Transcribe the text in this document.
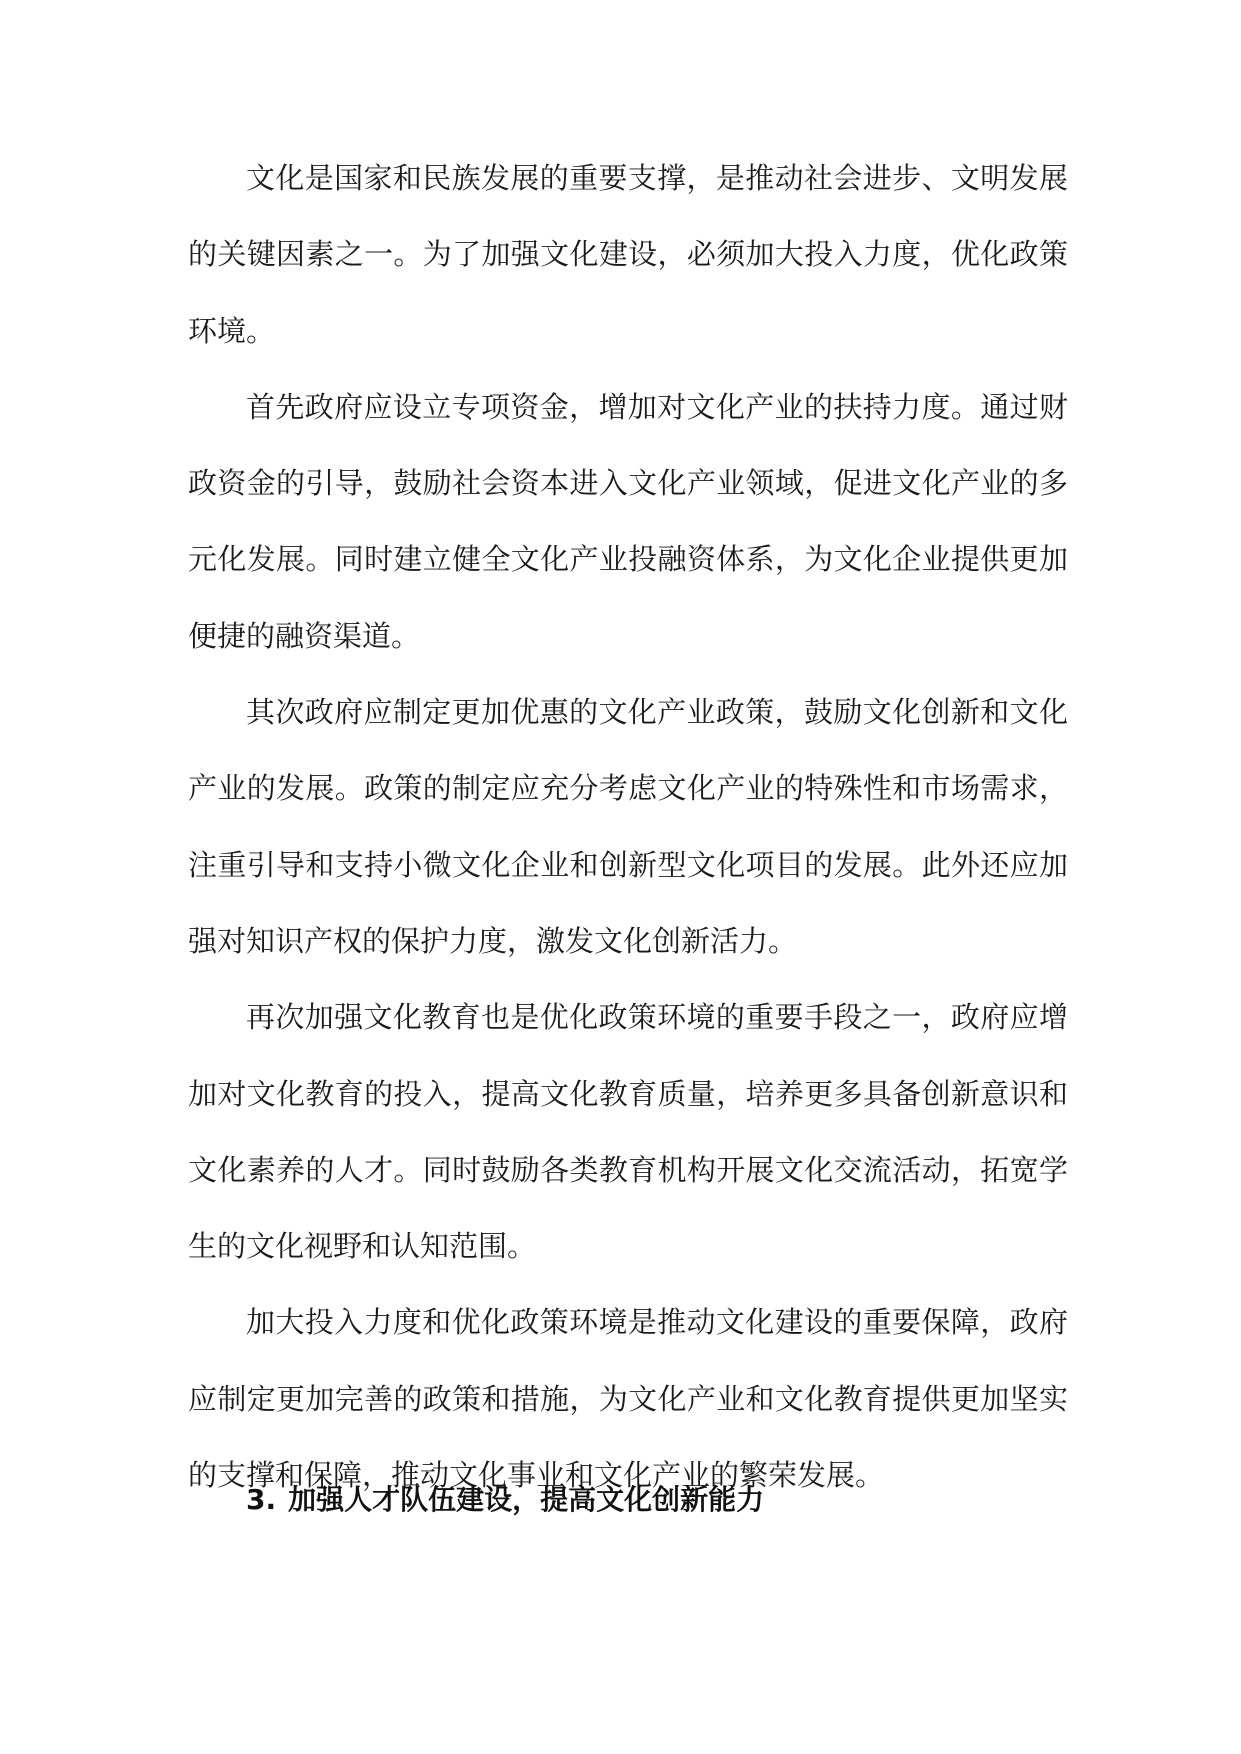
文化是国家和民族发展的重要支撑，是推动社会进步、文明发展的关键因素之一。为了加强文化建设，必须加大投入力度，优化政策环境。

首先政府应设立专项资金，增加对文化产业的扶持力度。通过财政资金的引导，鼓励社会资本进入文化产业领域，促进文化产业的多元化发展。同时建立健全文化产业投融资体系，为文化企业提供更加便捷的融资渠道。

其次政府应制定更加优惠的文化产业政策，鼓励文化创新和文化产业的发展。政策的制定应充分考虑文化产业的特殊性和市场需求，注重引导和支持小微文化企业和创新型文化项目的发展。此外还应加强对知识产权的保护力度，激发文化创新活力。

再次加强文化教育也是优化政策环境的重要手段之一，政府应增加对文化教育的投入，提高文化教育质量，培养更多具备创新意识和文化素养的人才。同时鼓励各类教育机构开展文化交流活动，拓宽学生的文化视野和认知范围。

加大投入力度和优化政策环境是推动文化建设的重要保障，政府应制定更加完善的政策和措施，为文化产业和文化教育提供更加坚实的支撑和保障，推动文化事业和文化产业的繁荣发展。

3. 加强人才队伍建设，提高文化创新能力
